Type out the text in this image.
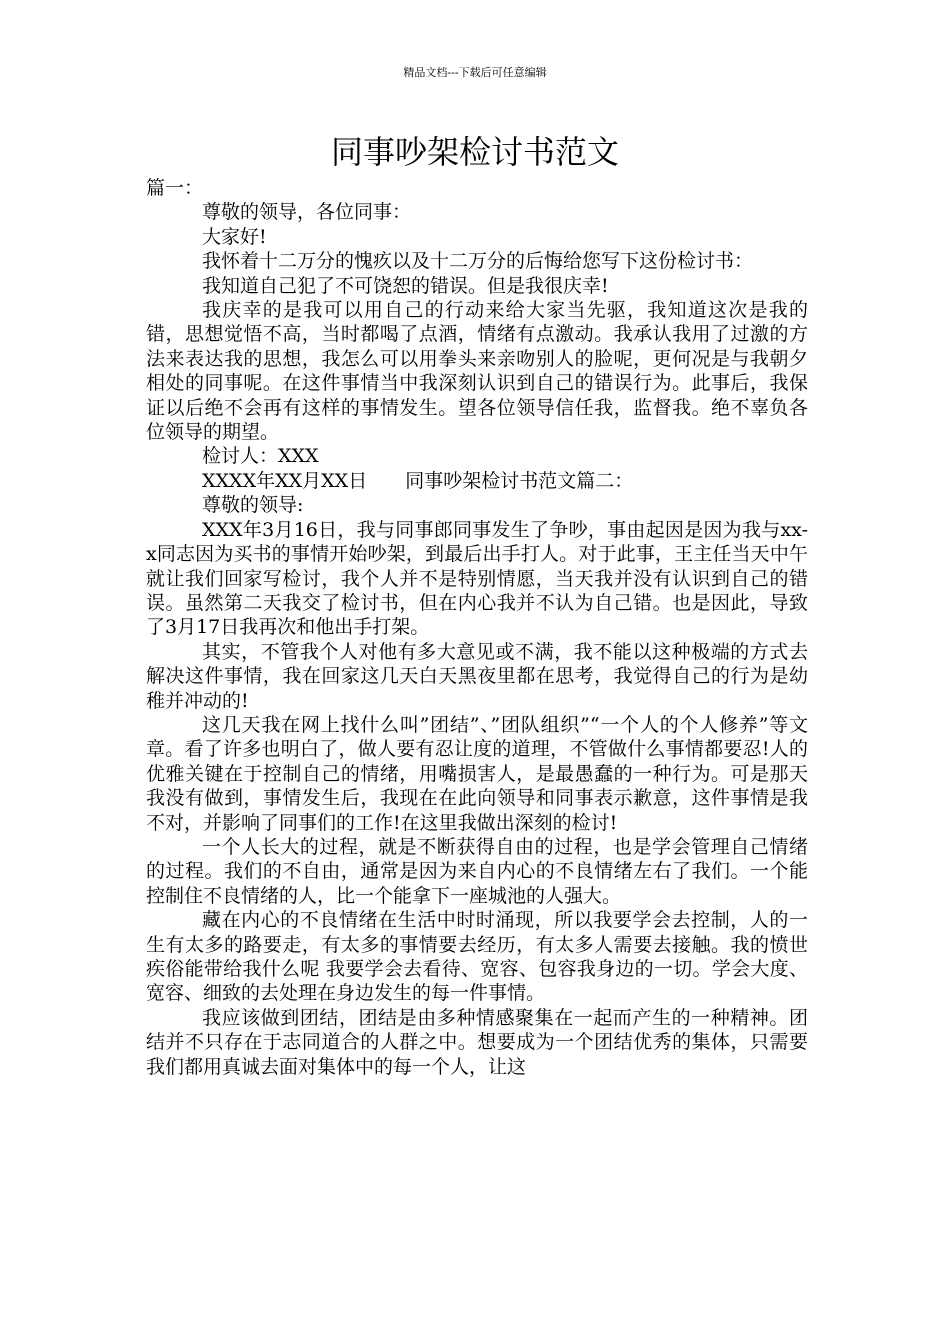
精品文档---下载后可任意编辑
同事吵架检讨书范文

篇一：

尊敬的领导，各位同事：

大家好!

我怀着十二万分的愧疚以及十二万分的后悔给您写下这份检讨书：

我知道自己犯了不可饶恕的错误。但是我很庆幸!

我庆幸的是我可以用自己的行动来给大家当先驱，我知道这次是我的错，思想觉悟不高，当时都喝了点酒，情绪有点激动。我承认我用了过激的方法来表达我的思想，我怎么可以用拳头来亲吻别人的脸呢，更何况是与我朝夕相处的同事呢。在这件事情当中我深刻认识到自己的错误行为。此事后，我保证以后绝不会再有这样的事情发生。望各位领导信任我，监督我。绝不辜负各位领导的期望。

检讨人：XXX

XXXX年XX月XX日　　同事吵架检讨书范文篇二：

尊敬的领导:

XXX年3月16日，我与同事郎同事发生了争吵，事由起因是因为我与xx-x同志因为买书的事情开始吵架，到最后出手打人。对于此事，王主任当天中午就让我们回家写检讨，我个人并不是特别情愿，当天我并没有认识到自己的错误。虽然第二天我交了检讨书，但在内心我并不认为自己错。也是因此，导致了3月17日我再次和他出手打架。

其实，不管我个人对他有多大意见或不满，我不能以这种极端的方式去解决这件事情，我在回家这几天白天黑夜里都在思考，我觉得自己的行为是幼稚并冲动的!

这几天我在网上找什么叫”团结”、”团队组织”“一个人的个人修养”等文章。看了许多也明白了，做人要有忍让度的道理，不管做什么事情都要忍!人的优雅关键在于控制自己的情绪，用嘴损害人，是最愚蠢的一种行为。可是那天我没有做到，事情发生后，我现在在此向领导和同事表示歉意，这件事情是我不对，并影响了同事们的工作!在这里我做出深刻的检讨!

一个人长大的过程，就是不断获得自由的过程，也是学会管理自己情绪的过程。我们的不自由，通常是因为来自内心的不良情绪左右了我们。一个能控制住不良情绪的人，比一个能拿下一座城池的人强大。

藏在内心的不良情绪在生活中时时涌现，所以我要学会去控制，人的一生有太多的路要走，有太多的事情要去经历，有太多人需要去接触。我的愤世疾俗能带给我什么呢 我要学会去看待、宽容、包容我身边的一切。学会大度、宽容、细致的去处理在身边发生的每一件事情。

我应该做到团结，团结是由多种情感聚集在一起而产生的一种精神。团结并不只存在于志同道合的人群之中。想要成为一个团结优秀的集体，只需要我们都用真诚去面对集体中的每一个人，让这
